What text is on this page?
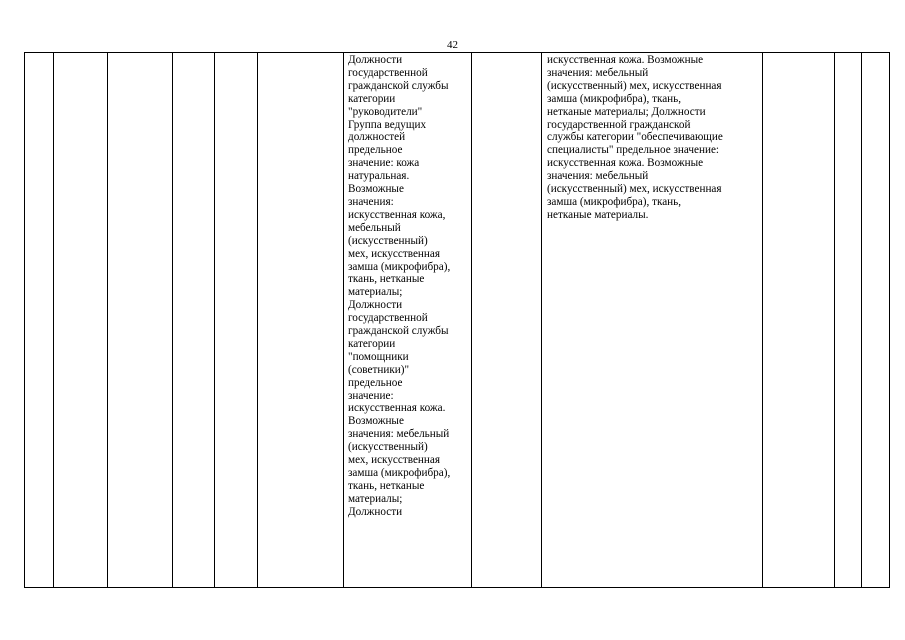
42
Должности
государственной
гражданской службы
категории
"руководители"
Группа ведущих
должностей
предельное
значение: кожа
натуральная.
Возможные
значения:
искусственная кожа,
мебельный
(искусственный)
мех, искусственная
замша (микрофибра),
ткань, нетканые
материалы;
Должности
государственной
гражданской службы
категории
"помощники
(советники)"
предельное
значение:
искусственная кожа.
Возможные
значения: мебельный
(искусственный)
мех, искусственная
замша (микрофибра),
ткань, нетканые
материалы;
Должности
искусственная кожа. Возможные
значения: мебельный
(искусственный) мех, искусственная
замша (микрофибра), ткань,
нетканые материалы; Должности
государственной гражданской
службы категории "обеспечивающие
специалисты" предельное значение:
искусственная кожа. Возможные
значения: мебельный
(искусственный) мех, искусственная
замша (микрофибра), ткань,
нетканые материалы.
